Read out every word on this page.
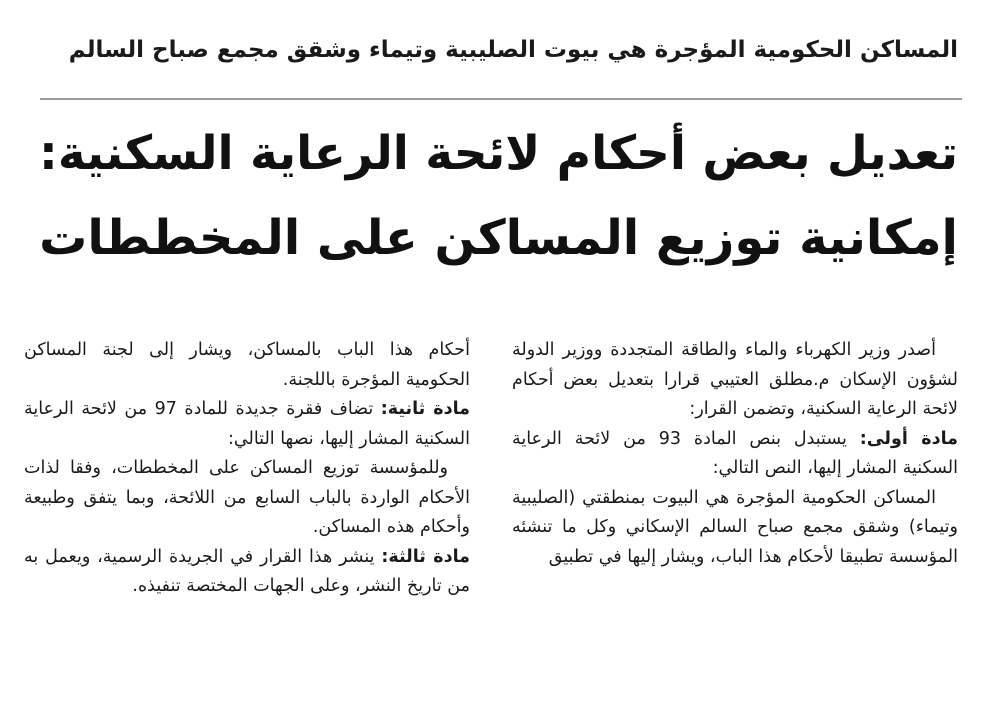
المساكن الحكومية المؤجرة هي بيوت الصليبية وتيماء وشقق مجمع صباح السالم
تعديل بعض أحكام لائحة الرعاية السكنية:
إمكانية توزيع المساكن على المخططات

أصدر وزير الكهرباء والماء والطاقة المتجددة ووزير الدولة لشؤون الإسكان م.مطلق العتيبي قرارا بتعديل بعض أحكام لائحة الرعاية السكنية، وتضمن القرار:

مادة أولى: يستبدل بنص المادة 93 من لائحة الرعاية السكنية المشار إليها، النص التالي:

المساكن الحكومية المؤجرة هي البيوت بمنطقتي (الصليبية وتيماء) وشقق مجمع صباح السالم الإسكاني وكل ما تنشئه المؤسسة تطبيقا لأحكام هذا الباب، ويشار إليها في تطبيق

أحكام هذا الباب بالمساكن، ويشار إلى لجنة المساكن الحكومية المؤجرة باللجنة.

مادة ثانية: تضاف فقرة جديدة للمادة 97 من لائحة الرعاية السكنية المشار إليها، نصها التالي:

وللمؤسسة توزيع المساكن على المخططات، وفقا لذات الأحكام الواردة بالباب السابع من اللائحة، وبما يتفق وطبيعة وأحكام هذه المساكن.

مادة ثالثة: ينشر هذا القرار في الجريدة الرسمية، ويعمل به من تاريخ النشر، وعلى الجهات المختصة تنفيذه.
